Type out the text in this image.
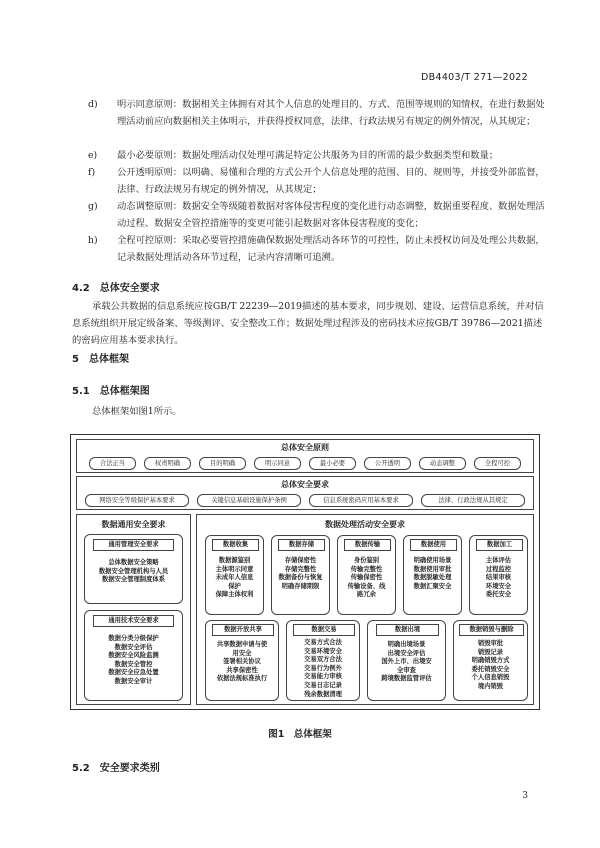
DB4403/T 271—2022
d)	明示同意原则：数据相关主体拥有对其个人信息的处理目的、方式、范围等规则的知情权，在进行数据处理活动前应向数据相关主体明示，并获得授权同意，法律、行政法规另有规定的例外情况，从其规定；
e)	最小必要原则：数据处理活动仅处理可满足特定公共服务为目的所需的最少数据类型和数量；
f)	公开透明原则：以明确、易懂和合理的方式公开个人信息处理的范围、目的、规则等，并接受外部监督，法律、行政法规另有规定的例外情况，从其规定；
g)	动态调整原则：数据安全等级随着数据对客体侵害程度的变化进行动态调整，数据重要程度、数据处理活动过程、数据安全管控措施等的变更可能引起数据对客体侵害程度的变化；
h)	全程可控原则：采取必要管控措施确保数据处理活动各环节的可控性，防止未授权访问及处理公共数据，记录数据处理活动各环节过程，记录内容清晰可追溯。
4.2　总体安全要求
承载公共数据的信息系统应按GB/T 22239—2019描述的基本要求，同步规划、建设、运营信息系统，并对信息系统组织开展定级备案、等级测评、安全整改工作；数据处理过程涉及的密码技术应按GB/T 39786—2021描述的密码应用基本要求执行。
5　总体框架
5.1　总体框架图
总体框架如图1所示。
总体安全原则
合法正当	权责明确	目的明确	明示同意	最小必要	公开透明	动态调整	全程可控
总体安全要求
网络安全等级保护基本要求	关键信息基础设施保护条例	信息系统密码应用基本要求	法律、行政法规从其规定
数据通用安全要求
通用管理安全要求
总体数据安全策略
数据安全管理机构与人员
数据安全管理制度体系
通用技术安全要求
数据分类分级保护
数据安全评估
数据安全风险监测
数据安全管控
数据安全应急处置
数据安全审计
数据处理活动安全要求
数据收集
数据源鉴别
主体明示同意
未成年人信息
保护
保障主体权利
数据存储
存储保密性
存储完整性
数据备份与恢复
明确存储期限
数据传输
身份鉴别
传输完整性
传输保密性
传输设备、线
路冗余
数据使用
明确使用场景
数据使用审批
数据脱敏处理
数据汇聚安全
数据加工
主体评估
过程监控
结果审核
环境安全
委托安全
数据开放共享
共享数据申请与使
用安全
签署相关协议
共享保密性
依据法规标准执行
数据交易
交易方式合法
交易环境安全
交易双方合法
交易行为例外
交易能力审核
交易日志记录
残余数据清理
数据出境
明确出境场景
出境安全评估
国外上市、出境安
全审查
跨境数据监管评估
数据销毁与删除
销毁审批
销毁记录
明确销毁方式
委托销毁安全
个人信息销毁
境内销毁
图1　总体框架
5.2　安全要求类别
3
